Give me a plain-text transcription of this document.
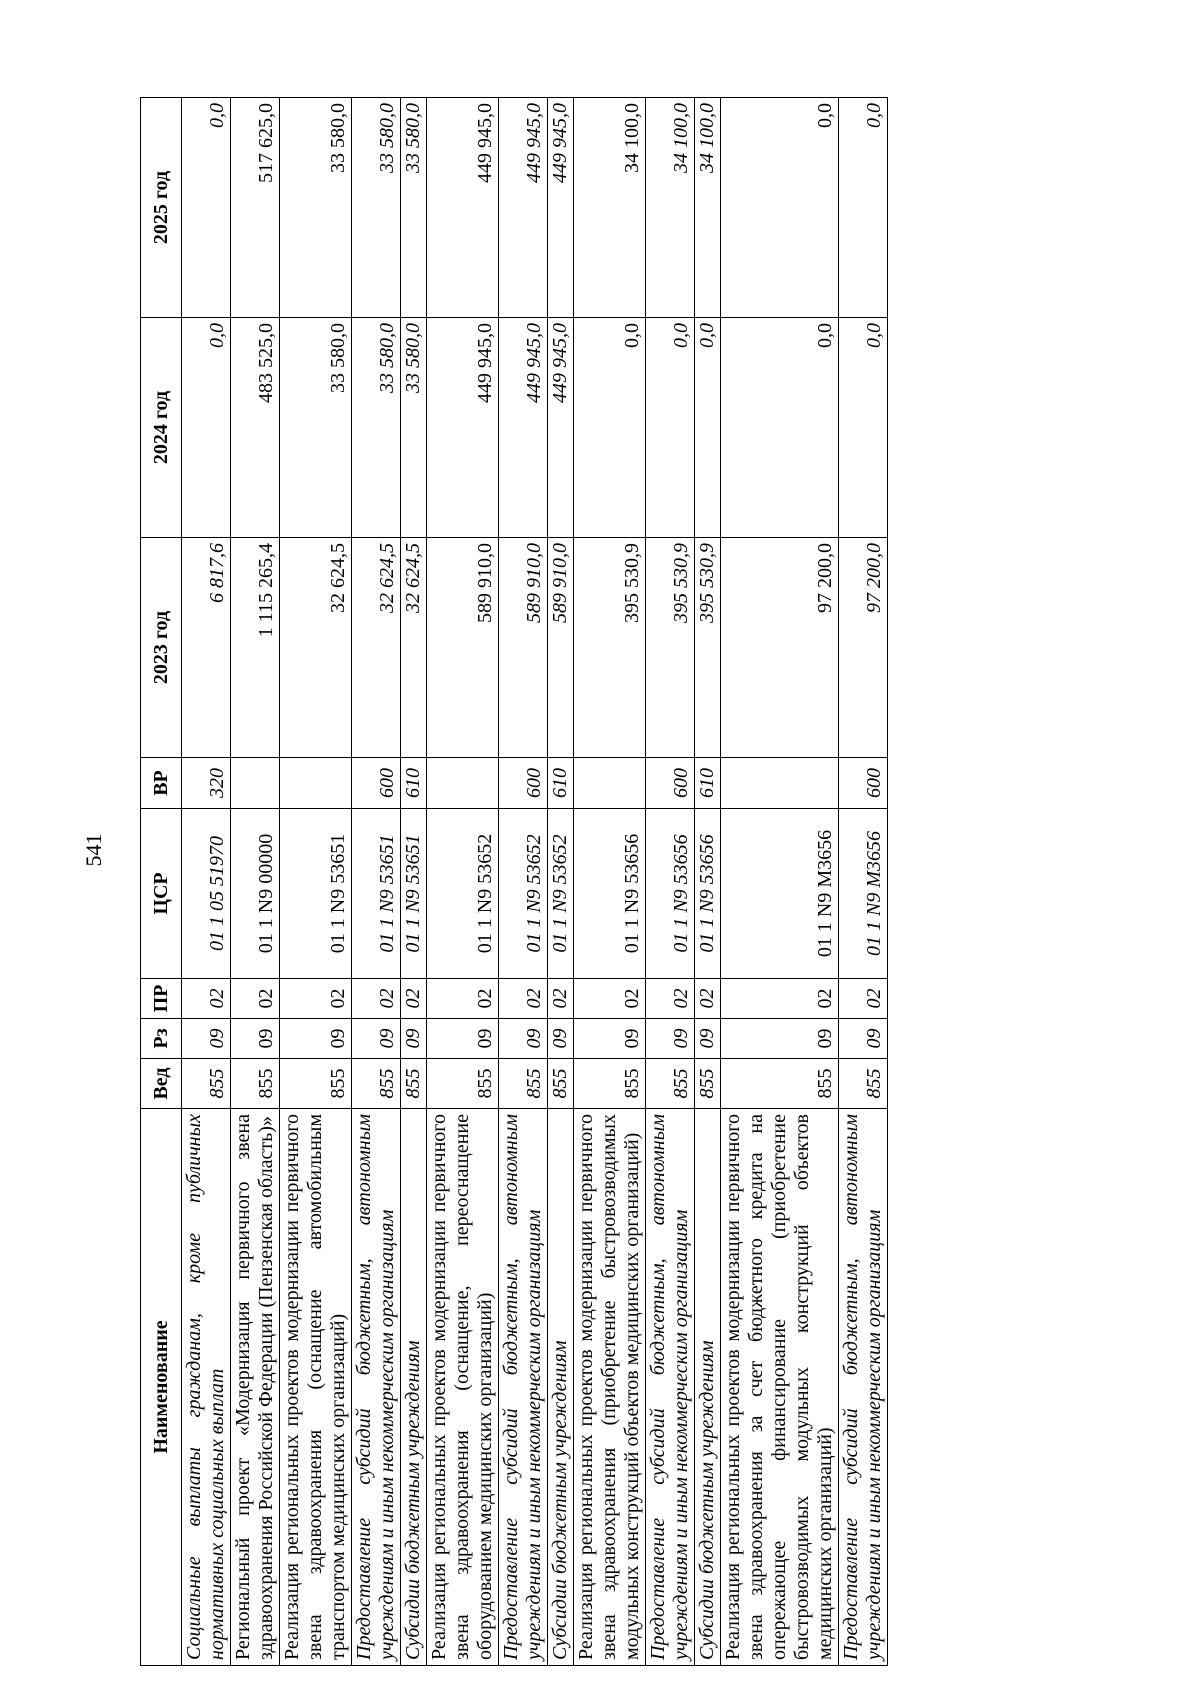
541
Наименование	Вед	Рз	ПР	ЦСР	ВР	2023 год	2024 год	2025 год
Социальные выплаты гражданам, кроме публичных нормативных социальных выплат	855	09	02	01 1 05 51970	320	6 817,6	0,0	0,0
Региональный проект «Модернизация первичного звена здравоохранения Российской Федерации (Пензенская область)»	855	09	02	01 1 N9 00000		1 115 265,4	483 525,0	517 625,0
Реализация региональных проектов модернизации первичного звена здравоохранения (оснащение автомобильным транспортом медицинских организаций)	855	09	02	01 1 N9 53651		32 624,5	33 580,0	33 580,0
Предоставление субсидий бюджетным, автономным учреждениям и иным некоммерческим организациям	855	09	02	01 1 N9 53651	600	32 624,5	33 580,0	33 580,0
Субсидии бюджетным учреждениям	855	09	02	01 1 N9 53651	610	32 624,5	33 580,0	33 580,0
Реализация региональных проектов модернизации первичного звена здравоохранения (оснащение, переоснащение оборудованием медицинских организаций)	855	09	02	01 1 N9 53652		589 910,0	449 945,0	449 945,0
Предоставление субсидий бюджетным, автономным учреждениям и иным некоммерческим организациям	855	09	02	01 1 N9 53652	600	589 910,0	449 945,0	449 945,0
Субсидии бюджетным учреждениям	855	09	02	01 1 N9 53652	610	589 910,0	449 945,0	449 945,0
Реализация региональных проектов модернизации первичного звена здравоохранения (приобретение быстровозводимых модульных конструкций объектов медицинских организаций)	855	09	02	01 1 N9 53656		395 530,9	0,0	34 100,0
Предоставление субсидий бюджетным, автономным учреждениям и иным некоммерческим организациям	855	09	02	01 1 N9 53656	600	395 530,9	0,0	34 100,0
Субсидии бюджетным учреждениям	855	09	02	01 1 N9 53656	610	395 530,9	0,0	34 100,0
Реализация региональных проектов модернизации первичного звена здравоохранения за счет бюджетного кредита на опережающее финансирование (приобретение быстровозводимых модульных конструкций объектов медицинских организаций)	855	09	02	01 1 N9 М3656		97 200,0	0,0	0,0
Предоставление субсидий бюджетным, автономным учреждениям и иным некоммерческим организациям	855	09	02	01 1 N9 М3656	600	97 200,0	0,0	0,0
